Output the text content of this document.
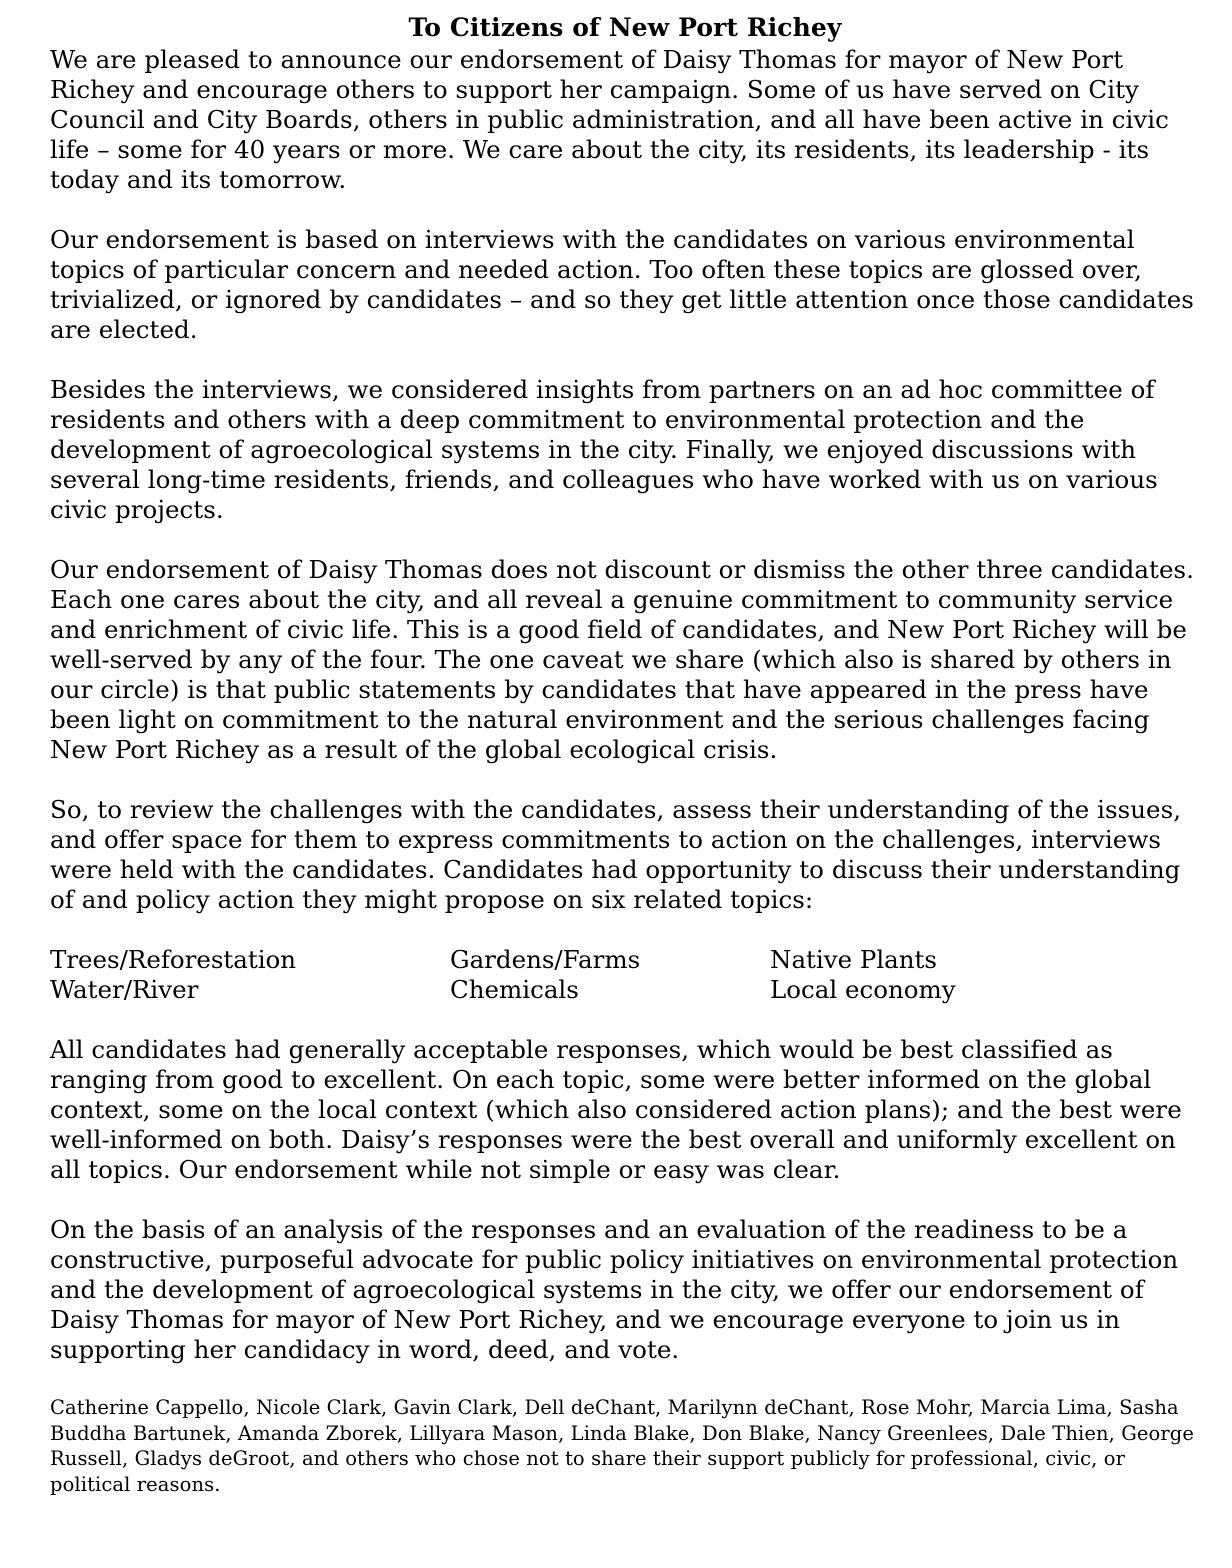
To Citizens of New Port Richey

We are pleased to announce our endorsement of Daisy Thomas for mayor of New Port Richey and encourage others to support her campaign. Some of us have served on City Council and City Boards, others in public administration, and all have been active in civic life – some for 40 years or more. We care about the city, its residents, its leadership - its today and its tomorrow.

Our endorsement is based on interviews with the candidates on various environmental topics of particular concern and needed action. Too often these topics are glossed over, trivialized, or ignored by candidates – and so they get little attention once those candidates are elected.

Besides the interviews, we considered insights from partners on an ad hoc committee of residents and others with a deep commitment to environmental protection and the development of agroecological systems in the city. Finally, we enjoyed discussions with several long-time residents, friends, and colleagues who have worked with us on various civic projects.

Our endorsement of Daisy Thomas does not discount or dismiss the other three candidates. Each one cares about the city, and all reveal a genuine commitment to community service and enrichment of civic life. This is a good field of candidates, and New Port Richey will be well-served by any of the four. The one caveat we share (which also is shared by others in our circle) is that public statements by candidates that have appeared in the press have been light on commitment to the natural environment and the serious challenges facing New Port Richey as a result of the global ecological crisis.

So, to review the challenges with the candidates, assess their understanding of the issues, and offer space for them to express commitments to action on the challenges, interviews were held with the candidates. Candidates had opportunity to discuss their understanding of and policy action they might propose on six related topics:

Trees/Reforestation	Gardens/Farms	Native Plants
Water/River	Chemicals	Local economy

All candidates had generally acceptable responses, which would be best classified as ranging from good to excellent. On each topic, some were better informed on the global context, some on the local context (which also considered action plans); and the best were well-informed on both. Daisy’s responses were the best overall and uniformly excellent on all topics. Our endorsement while not simple or easy was clear.

On the basis of an analysis of the responses and an evaluation of the readiness to be a constructive, purposeful advocate for public policy initiatives on environmental protection and the development of agroecological systems in the city, we offer our endorsement of Daisy Thomas for mayor of New Port Richey, and we encourage everyone to join us in supporting her candidacy in word, deed, and vote.

Catherine Cappello, Nicole Clark, Gavin Clark, Dell deChant, Marilynn deChant, Rose Mohr, Marcia Lima, Sasha Buddha Bartunek, Amanda Zborek, Lillyara Mason, Linda Blake, Don Blake, Nancy Greenlees, Dale Thien, George Russell, Gladys deGroot, and others who chose not to share their support publicly for professional, civic, or political reasons.
